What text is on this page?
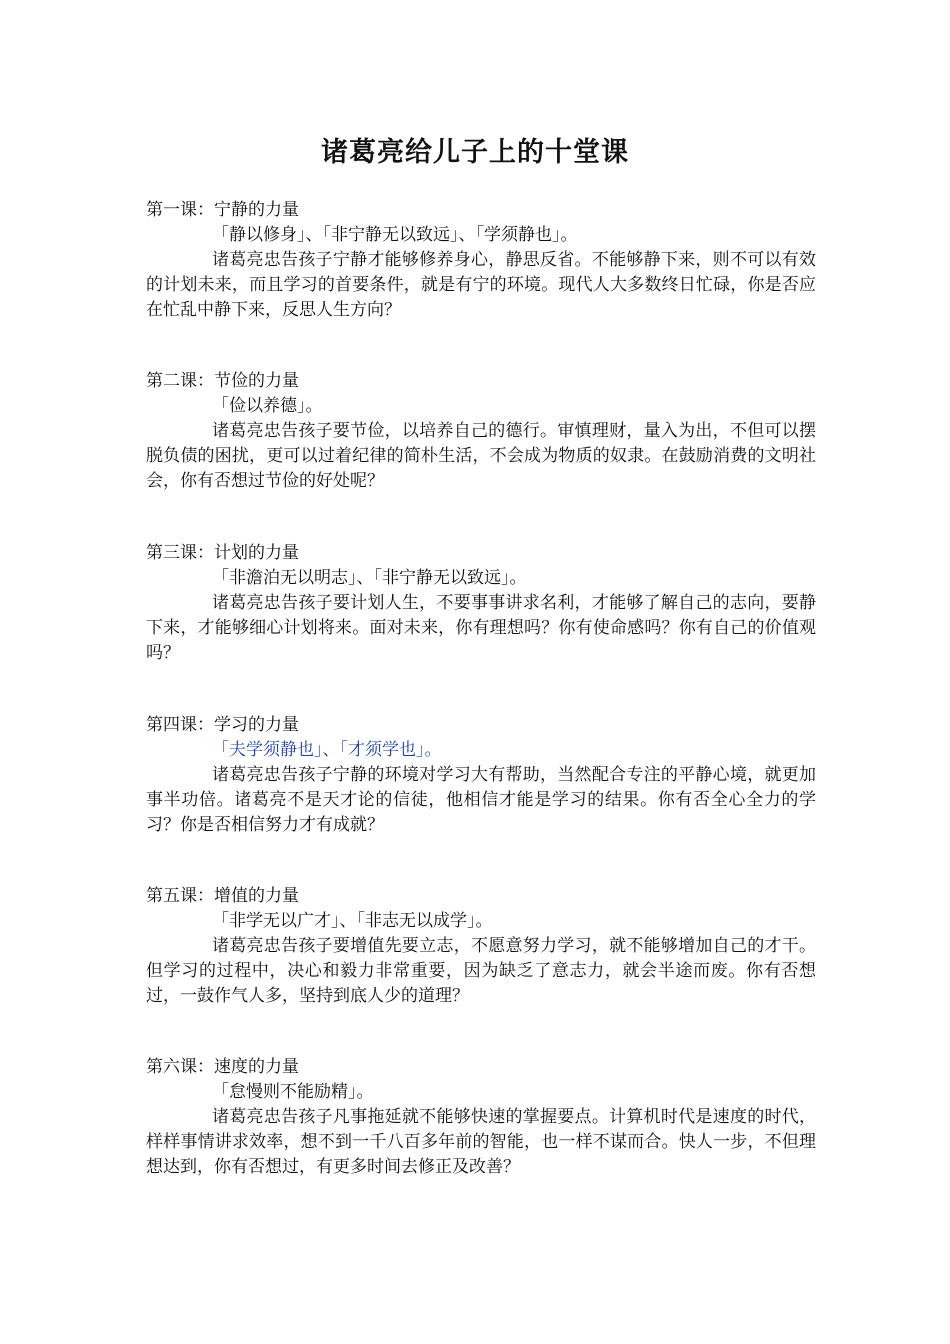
诸葛亮给儿子上的十堂课
第一课：宁静的力量
「静以修身」、「非宁静无以致远」、「学须静也」。
诸葛亮忠告孩子宁静才能够修养身心，静思反省。不能够静下来，则不可以有效的计划未来，而且学习的首要条件，就是有宁的环境。现代人大多数终日忙碌，你是否应在忙乱中静下来，反思人生方向？
第二课：节俭的力量
「俭以养德」。
诸葛亮忠告孩子要节俭，以培养自己的德行。审慎理财，量入为出，不但可以摆脱负债的困扰，更可以过着纪律的简朴生活，不会成为物质的奴隶。在鼓励消费的文明社会，你有否想过节俭的好处呢？
第三课：计划的力量
「非澹泊无以明志」、「非宁静无以致远」。
诸葛亮忠告孩子要计划人生，不要事事讲求名利，才能够了解自己的志向，要静下来，才能够细心计划将来。面对未来，你有理想吗？你有使命感吗？你有自己的价值观吗？
第四课：学习的力量
「夫学须静也」、「才须学也」。
诸葛亮忠告孩子宁静的环境对学习大有帮助，当然配合专注的平静心境，就更加事半功倍。诸葛亮不是天才论的信徒，他相信才能是学习的结果。你有否全心全力的学习？你是否相信努力才有成就？
第五课：增值的力量
「非学无以广才」、「非志无以成学」。
诸葛亮忠告孩子要增值先要立志，不愿意努力学习，就不能够增加自己的才干。但学习的过程中，决心和毅力非常重要，因为缺乏了意志力，就会半途而废。你有否想过，一鼓作气人多，坚持到底人少的道理？
第六课：速度的力量
「怠慢则不能励精」。
诸葛亮忠告孩子凡事拖延就不能够快速的掌握要点。计算机时代是速度的时代，样样事情讲求效率，想不到一千八百多年前的智能，也一样不谋而合。快人一步，不但理想达到，你有否想过，有更多时间去修正及改善？
